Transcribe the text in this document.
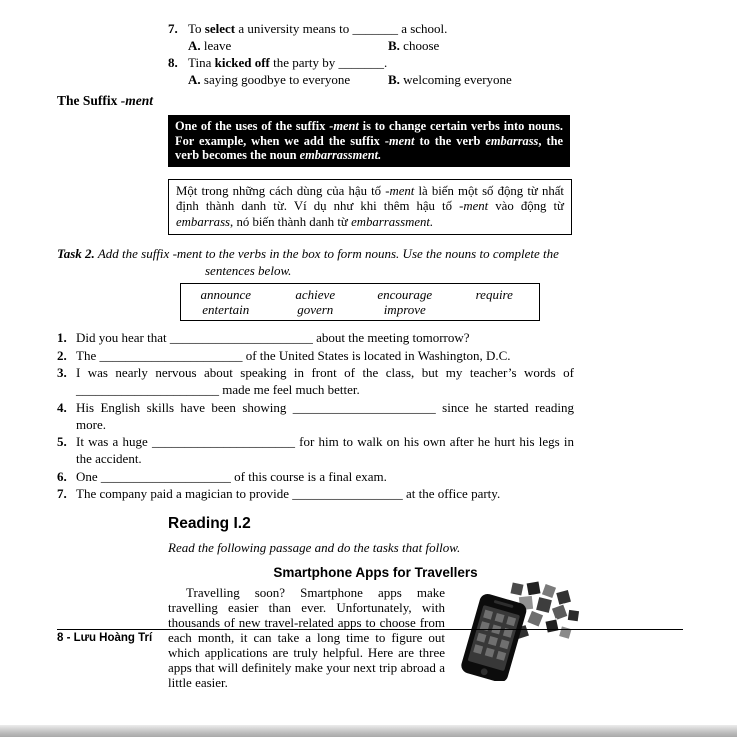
7. To select a university means to _______ a school.
A. leave	B. choose
8. Tina kicked off the party by _______.
A. saying goodbye to everyone	B. welcoming everyone
The Suffix -ment
One of the uses of the suffix -ment is to change certain verbs into nouns. For example, when we add the suffix -ment to the verb embarrass, the verb becomes the noun embarrassment.
Một trong những cách dùng của hậu tố -ment là biến một số động từ nhất định thành danh từ. Ví dụ như khi thêm hậu tố -ment vào động từ embarrass, nó biến thành danh từ embarrassment.
Task 2. Add the suffix -ment to the verbs in the box to form nouns. Use the nouns to complete the sentences below.
announce	achieve	encourage	require
entertain	govern	improve
1. Did you hear that ______________________ about the meeting tomorrow?
2. The ______________________ of the United States is located in Washington, D.C.
3. I was nearly nervous about speaking in front of the class, but my teacher’s words of ______________________ made me feel much better.
4. His English skills have been showing ______________________ since he started reading more.
5. It was a huge ______________________ for him to walk on his own after he hurt his legs in the accident.
6. One ____________________ of this course is a final exam.
7. The company paid a magician to provide _________________ at the office party.
Reading I.2

Read the following passage and do the tasks that follow.

Smartphone Apps for Travellers

Travelling soon? Smartphone apps make travelling easier than ever. Unfortunately, with thousands of new travel-related apps to choose from each month, it can take a long time to figure out which applications are truly helpful. Here are three apps that will definitely make your next trip abroad a little easier.

8 - Lưu Hoàng Trí
